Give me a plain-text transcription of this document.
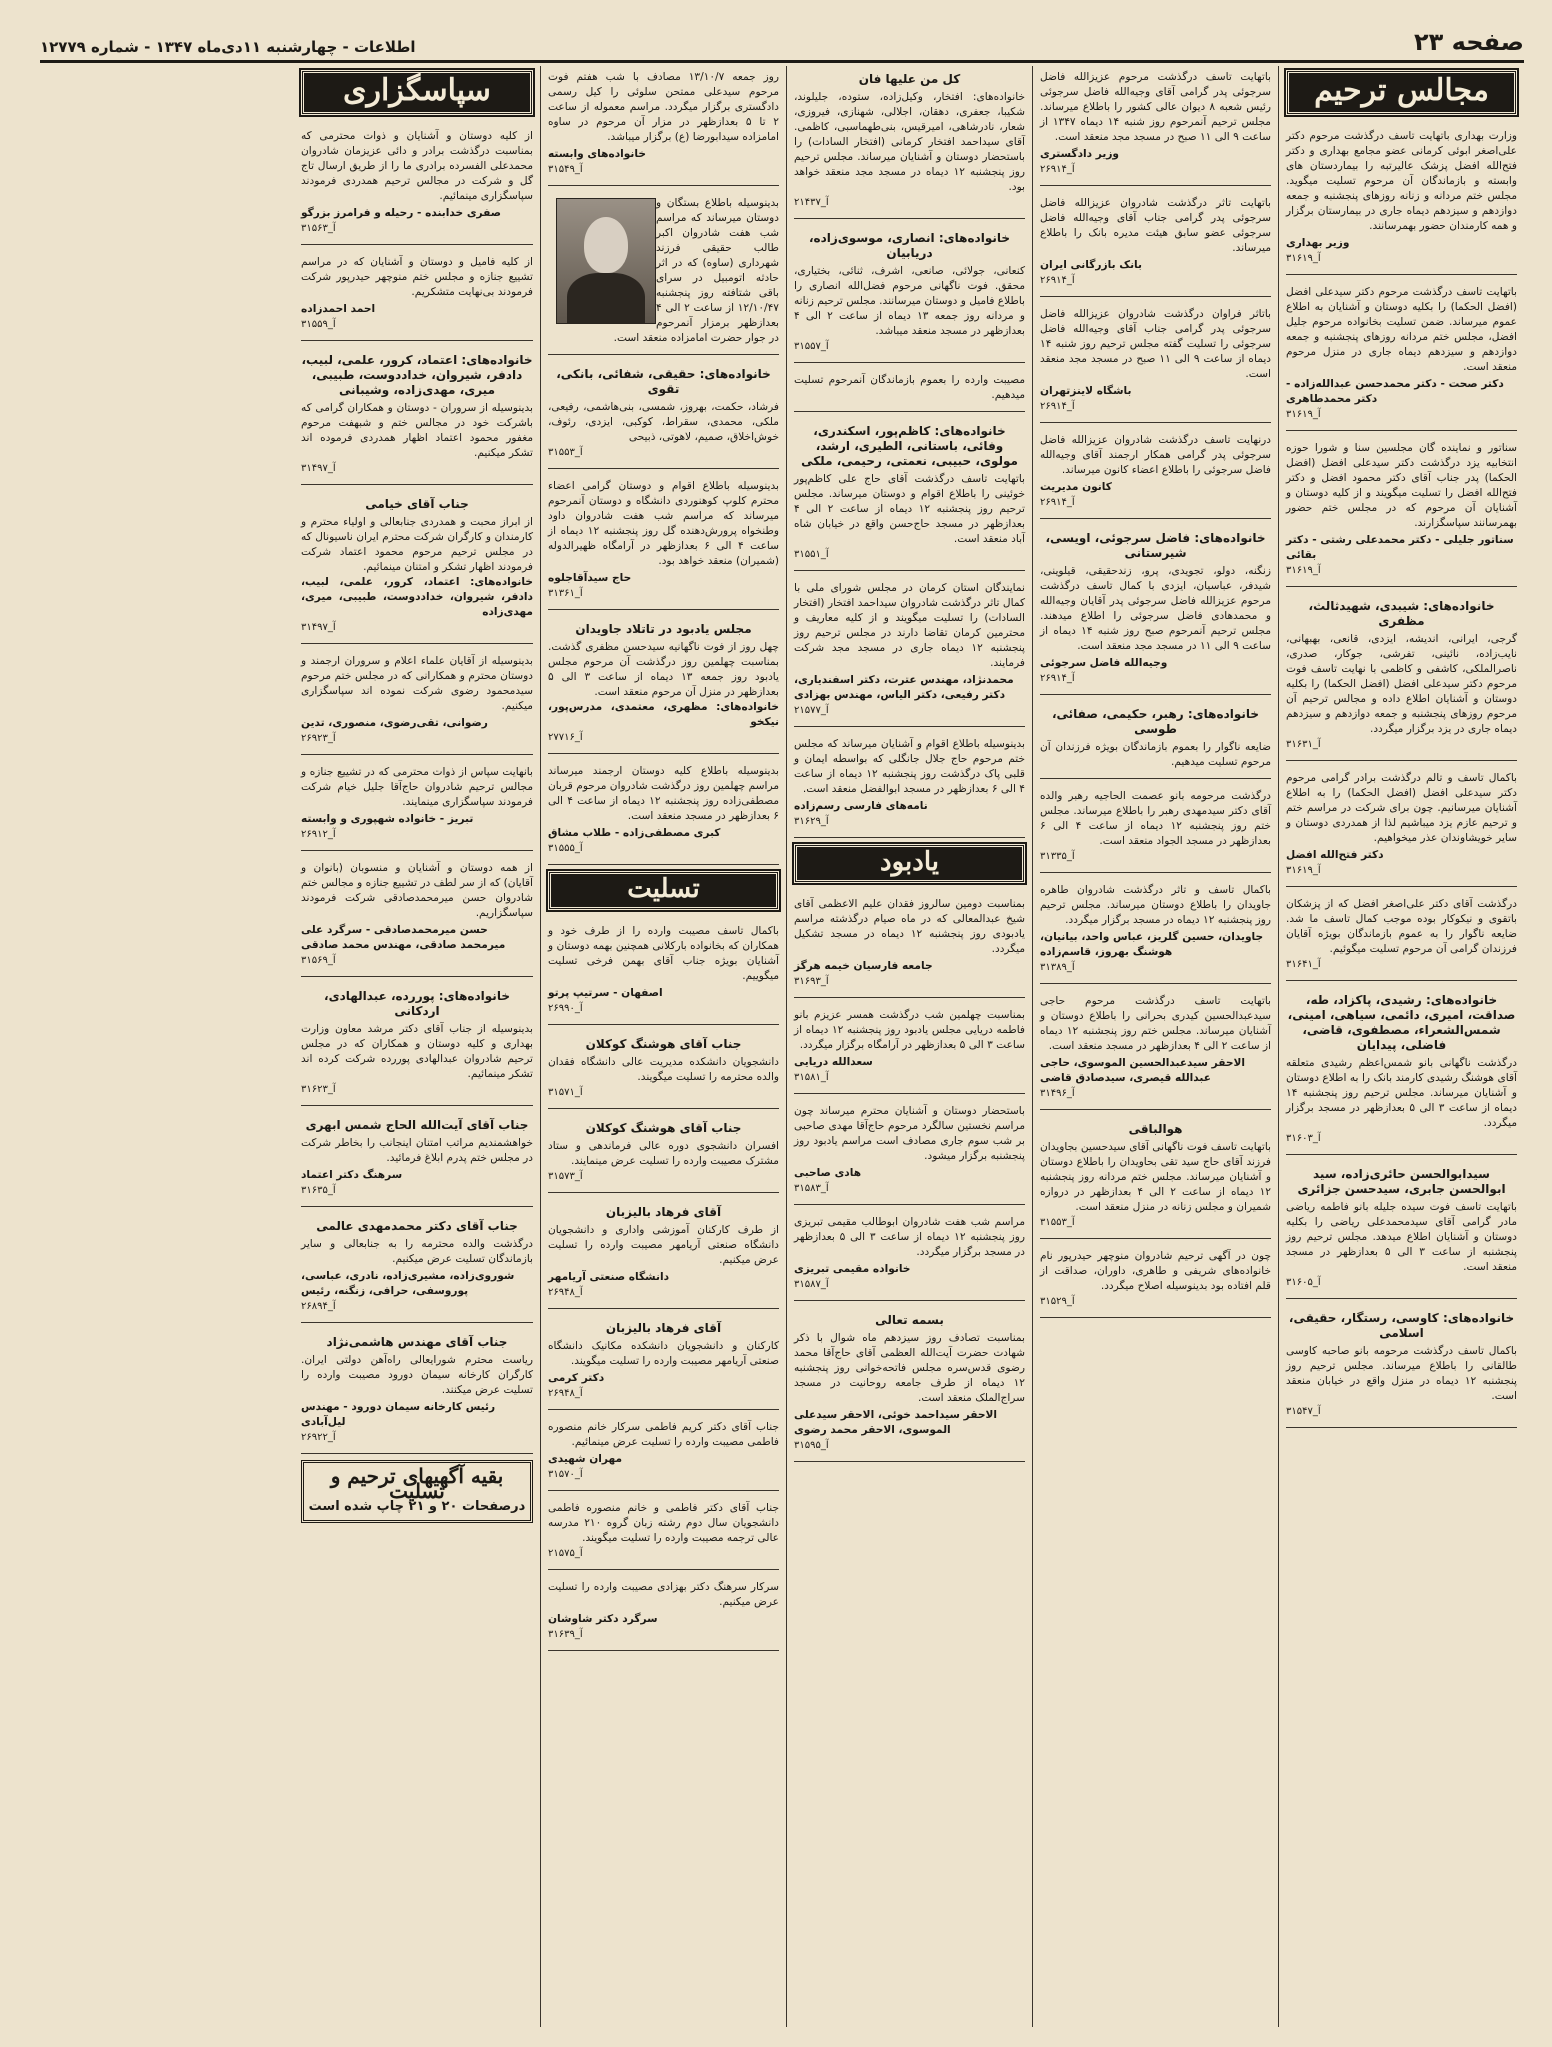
صفحه ۲۳
اطلاعات - چهارشنبه ۱۱دی‌ماه ۱۳۴۷ - شماره ۱۲۷۷۹
مجالس ترحیم
وزارت بهداری باتهایت تاسف درگذشت مرحوم دکتر علی‌اصغر ابوئی کرمانی عضو مجامع بهداری و دکتر فتح‌الله افضل پزشک عالیرتبه را بیماردستان های وابسته و بازماندگان آن مرحوم تسلیت میگوید. مجلس ختم مردانه و زنانه روزهای پنجشنبه و جمعه دوازدهم و سیزدهم دیماه جاری در بیمارستان برگزار و همه کارمندان حضور بهمرسانند.
وزیر بهداری
آ_۳۱۶۱۹
باتهایت تاسف درگذشت مرحوم دکتر سیدعلی افضل (افضل الحکما) را بکلیه دوستان و آشنایان به اطلاع عموم میرساند. ضمن تسلیت بخانواده مرحوم جلیل افضل، مجلس ختم مردانه روزهای پنجشنبه و جمعه دوازدهم و سیزدهم دیماه جاری در منزل مرحوم منعقد است.
دکتر صحت - دکتر محمدحسن عبدالله‌زاده - دکتر محمدطاهری
آ_۳۱۶۱۹
سناتور و نماینده گان مجلسین سنا و شورا حوزه انتخابیه یزد درگذشت دکتر سیدعلی افضل (افضل الحکما) پدر جناب آقای دکتر محمود افضل و دکتر فتح‌الله افضل را تسلیت میگویند و از کلیه دوستان و آشنایان آن مرحوم که در مجلس ختم حضور بهمرسانند سپاسگزارند.
سناتور جلیلی - دکتر محمدعلی رشتی - دکتر بقائی
آ_۳۱۶۱۹
خانواده‌های: شیبدی، شهیدثالث، مظفری
گرجی، ایرانی، اندیشه، ایزدی، قانعی، بهبهانی، نایب‌زاده، نائینی، تفرشی، جوکار، صدری، ناصرالملکی، کاشفی و کاظمی با نهایت تاسف فوت مرحوم دکتر سیدعلی افضل (افضل الحکما) را بکلیه دوستان و آشنایان اطلاع داده و مجالس ترحیم آن مرحوم روزهای پنجشنبه و جمعه دوازدهم و سیزدهم دیماه جاری در یزد برگزار میگردد.
آ_۳۱۶۳۱
باکمال تاسف و تالم درگذشت برادر گرامی مرحوم دکتر سیدعلی افضل (افضل الحکما) را به اطلاع آشنایان میرسانیم. چون برای شرکت در مراسم ختم و ترحیم عازم یزد میباشیم لذا از همدردی دوستان و سایر خویشاوندان عذر میخواهیم.
دکتر فتح‌الله افضل
آ_۳۱۶۱۹
درگذشت آقای دکتر علی‌اصغر افضل که از پزشکان باتقوی و نیکوکار بوده موجب کمال تاسف ما شد. ضایعه ناگوار را به عموم بازماندگان بویژه آقایان فرزندان گرامی آن مرحوم تسلیت میگوئیم.
آ_۳۱۶۴۱
خانواده‌های: رشیدی، پاکزاد، طه، صداقت، امیری، دائمی، سیاهی، امینی، شمس‌الشعراء، مصطفوی، قاضی، فاضلی، پیدایان
درگذشت ناگهانی بانو شمس‌اعظم رشیدی متعلقه آقای هوشنگ رشیدی کارمند بانک را به اطلاع دوستان و آشنایان میرساند. مجلس ترحیم روز پنجشنبه ۱۴ دیماه از ساعت ۳ الی ۵ بعدازظهر در مسجد برگزار میگردد.
آ_۳۱۶۰۳
سیدابوالحسن حائری‌زاده، سید ابوالحسن جابری، سیدحسن جزائری
باتهایت تاسف فوت سیده جلیله بانو فاطمه ریاضی مادر گرامی آقای سیدمحمدعلی ریاضی را بکلیه دوستان و آشنایان اطلاع میدهد. مجلس ترحیم روز پنجشنبه از ساعت ۳ الی ۵ بعدازظهر در مسجد منعقد است.
آ_۳۱۶۰۵
خانواده‌های: کاوسی، رستگار، حقیقی، اسلامی
باکمال تاسف درگذشت مرحومه بانو صاحبه کاوسی طالقانی را باطلاع میرساند. مجلس ترحیم روز پنجشنبه ۱۲ دیماه در منزل واقع در خیابان منعقد است.
آ_۳۱۵۴۷
باتهایت تاسف درگذشت مرحوم عزیزالله فاضل سرجوئی پدر گرامی آقای وجیه‌الله فاضل سرجوئی رئیس شعبه ۸ دیوان عالی کشور را باطلاع میرساند. مجلس ترحیم آنمرحوم روز شنبه ۱۴ دیماه ۱۳۴۷ از ساعت ۹ الی ۱۱ صبح در مسجد مجد منعقد است.
وزیر دادگستری
آ_۲۶۹۱۴
باتهایت تاثر درگذشت شادروان عزیزالله فاضل سرجوئی پدر گرامی جناب آقای وجیه‌الله فاضل سرجوئی عضو سابق هیئت مدیره بانک را باطلاع میرساند.
بانک بازرگانی ایران
آ_۲۶۹۱۴
باتاثر فراوان درگذشت شادروان عزیزالله فاضل سرجوئی پدر گرامی جناب آقای وجیه‌الله فاضل سرجوئی را تسلیت گفته مجلس ترحیم روز شنبه ۱۴ دیماه از ساعت ۹ الی ۱۱ صبح در مسجد مجد منعقد است.
باشگاه لاینزتهران
آ_۲۶۹۱۴
درنهایت تاسف درگذشت شادروان عزیزالله فاضل سرجوئی پدر گرامی همکار ارجمند آقای وجیه‌الله فاضل سرجوئی را باطلاع اعضاء کانون میرساند.
کانون مدیریت
آ_۲۶۹۱۴
خانواده‌های: فاضل سرجوئی، اویسی، شیرستانی
زنگنه، دولو، تجویدی، پرو، زندحقیقی، قیلوینی، شیدفر، عباسیان، ایزدی با کمال تاسف درگذشت مرحوم عزیزالله فاضل سرجوئی پدر آقایان وجیه‌الله و محمدهادی فاضل سرجوئی را اطلاع میدهند. مجلس ترحیم آنمرحوم صبح روز شنبه ۱۴ دیماه از ساعت ۹ الی ۱۱ در مسجد مجد منعقد است.
وجیه‌الله فاضل سرجوئی
آ_۲۶۹۱۴
خانواده‌های: رهبر، حکیمی، صفائی، طوسی
ضایعه ناگوار را بعموم بازماندگان بویژه فرزندان آن مرحوم تسلیت میدهیم.
درگذشت مرحومه بانو عصمت الحاجیه رهبر والده آقای دکتر سیدمهدی رهبر را باطلاع میرساند. مجلس ختم روز پنجشنبه ۱۲ دیماه از ساعت ۴ الی ۶ بعدازظهر در مسجد الجواد منعقد است.
آ_۳۱۳۳۵
باکمال تاسف و تاثر درگذشت شادروان طاهره جاویدان را باطلاع دوستان میرساند. مجلس ترحیم روز پنجشنبه ۱۲ دیماه در مسجد برگزار میگردد.
جاویدان، حسین گلریز، عباس واحد، بیانیان، هوشنگ بهروز، قاسم‌زاده
آ_۳۱۳۸۹
باتهایت تاسف درگذشت مرحوم حاجی سیدعبدالحسین کیدری بحرانی را باطلاع دوستان و آشنایان میرساند. مجلس ختم روز پنجشنبه ۱۲ دیماه از ساعت ۲ الی ۴ بعدازظهر در مسجد منعقد است.
الاحقر سیدعبدالحسین الموسوی، حاجی عبدالله قیصری، سیدصادق قاضی
آ_۳۱۴۹۶
هوالباقی
باتهایت تاسف فوت ناگهانی آقای سیدحسین بجاویدان فرزند آقای حاج سید تقی بحاویدان را باطلاع دوستان و آشنایان میرساند. مجلس ختم مردانه روز پنجشنبه ۱۲ دیماه از ساعت ۲ الی ۴ بعدازظهر در دروازه شمیران و مجلس زنانه در منزل منعقد است.
آ_۳۱۵۵۳
چون در آگهی ترحیم شادروان منوچهر حیدرپور نام خانواده‌های شریفی و طاهری، داوران، صداقت از قلم افتاده بود بدینوسیله اصلاح میگردد.
آ_۳۱۵۲۹
کل من علیها فان
خانواده‌های: افتخار، وکیل‌زاده، ستوده، جلیلوند، شکیبا، جعفری، دهقان، اجلالی، شهنازی، فیروزی، شعار، نادرشاهی، امیرقیس، بنی‌طهماسبی، کاظمی. آقای سیداحمد افتخار کرمانی (افتخار السادات) را باستحضار دوستان و آشنایان میرساند. مجلس ترحیم روز پنجشنبه ۱۲ دیماه در مسجد مجد منعقد خواهد بود.
آ_۲۱۴۳۷
خانواده‌های: انصاری، موسوی‌زاده، دریابیان
کنعانی، جولائی، صانعی، اشرف، ثنائی، بختیاری، محقق. فوت ناگهانی مرحوم فضل‌الله انصاری را باطلاع فامیل و دوستان میرسانند. مجلس ترحیم زنانه و مردانه روز جمعه ۱۳ دیماه از ساعت ۲ الی ۴ بعدازظهر در مسجد منعقد میباشد.
آ_۳۱۵۵۷
مصیبت وارده را بعموم بازماندگان آنمرحوم تسلیت میدهیم.
خانواده‌های: کاظم‌پور، اسکندری، وفائی، باستانی، الطیری، ارشد، مولوی، حبیبی، نعمتی، رحیمی، ملکی
باتهایت تاسف درگذشت آقای حاج علی کاظم‌پور خوئینی را باطلاع اقوام و دوستان میرساند. مجلس ترحیم روز پنجشنبه ۱۲ دیماه از ساعت ۲ الی ۴ بعدازظهر در مسجد حاج‌حسن واقع در خیابان شاه آباد منعقد است.
آ_۳۱۵۵۱
نمایندگان استان کرمان در مجلس شورای ملی با کمال تاثر درگذشت شادروان سیداحمد افتخار (افتخار السادات) را تسلیت میگویند و از کلیه معاریف و محترمین کرمان تقاضا دارند در مجلس ترحیم روز پنجشنبه ۱۲ دیماه جاری در مسجد مجد شرکت فرمایند.
محمدنژاد، مهندس عترت، دکتر اسفندیاری، دکتر رفیعی، دکتر الیاس، مهندس بهزادی
آ_۲۱۵۷۷
بدینوسیله باطلاع اقوام و آشنایان میرساند که مجلس ختم مرحوم حاج جلال جانگلی که بواسطه ایمان و قلبی پاک درگذشت روز پنجشنبه ۱۲ دیماه از ساعت ۴ الی ۶ بعدازظهر در مسجد ابوالفضل منعقد است.
نامه‌های فارسی رسم‌زاده
آ_۳۱۶۲۹
یادبود
بمناسبت دومین سالروز فقدان علیم الاعظمی آقای شیخ عبدالمعالی که در ماه صیام درگذشته مراسم یادبودی روز پنجشنبه ۱۲ دیماه در مسجد تشکیل میگردد.
جامعه فارسیان خیمه هرگز
آ_۳۱۶۹۳
بمناسبت چهلمین شب درگذشت همسر عزیزم بانو فاطمه دریایی مجلس یادبود روز پنجشنبه ۱۲ دیماه از ساعت ۳ الی ۵ بعدازظهر در آرامگاه برگزار میگردد.
سعدالله دریایی
آ_۳۱۵۸۱
باستحضار دوستان و آشنایان محترم میرساند چون مراسم نخستین سالگرد مرحوم حاج‌آقا مهدی صاحبی بر شب سوم جاری مصادف است مراسم یادبود روز پنجشنبه برگزار میشود.
هادی صاحبی
آ_۳۱۵۸۳
مراسم شب هفت شادروان ابوطالب مقیمی تبریزی روز پنجشنبه ۱۲ دیماه از ساعت ۳ الی ۵ بعدازظهر در مسجد برگزار میگردد.
خانواده مقیمی تبریزی
آ_۳۱۵۸۷
بسمه تعالی
بمناسبت تصادف روز سیزدهم ماه شوال با ذکر شهادت حضرت آیت‌الله العظمی آقای حاج‌آقا محمد رضوی قدس‌سره مجلس فاتحه‌خوانی روز پنجشنبه ۱۲ دیماه از طرف جامعه روحانیت در مسجد سراج‌الملک منعقد است.
الاحقر سیداحمد خوئی، الاحقر سیدعلی الموسوی، الاحقر محمد رضوی
آ_۳۱۵۹۵
روز جمعه ۱۳/۱۰/۷ مصادف با شب هفتم فوت مرحوم سیدعلی ممتحن سلوئی را کیل رسمی دادگستری برگزار میگردد. مراسم معموله از ساعت ۲ تا ۵ بعدازظهر در مزار آن مرحوم در ساوه امامزاده سیدابورضا (ع) برگزار میباشد.
خانواده‌های وابسته
آ_۳۱۵۴۹
بدینوسیله باطلاع بستگان و دوستان میرساند که مراسم شب هفت شادروان اکبر طالب حقیقی فرزند شهرداری (ساوه) که در اثر حادثه اتومبیل در سرای باقی شتافته روز پنجشنبه ۱۲/۱۰/۴۷ از ساعت ۲ الی ۴ بعدازظهر برمزار آنمرحوم در جوار حضرت امامزاده منعقد است.
خانواده‌های: حقیقی، شفائی، بانکی، تقوی
فرشاد، حکمت، بهروز، شمسی، بنی‌هاشمی، رفیعی، ملکی، محمدی، سقراط، کوکبی، ایزدی، رئوف، خوش‌اخلاق، صمیم، لاهوتی، ذبیحی
آ_۳۱۵۵۳
بدینوسیله باطلاع اقوام و دوستان گرامی اعضاء محترم کلوپ کوهنوردی دانشگاه و دوستان آنمرحوم میرساند که مراسم شب هفت شادروان داود وطنخواه پرورش‌دهنده گل روز پنجشنبه ۱۲ دیماه از ساعت ۴ الی ۶ بعدازظهر در آرامگاه ظهیرالدوله (شمیران) منعقد خواهد بود.
حاج سیدآقاجلوه
آ_۳۱۳۶۱
مجلس یادبود در تاتلاد جاویدان
چهل روز از فوت ناگهانیه سیدحسن مظفری گذشت. بمناسبت چهلمین روز درگذشت آن مرحوم مجلس یادبود روز جمعه ۱۳ دیماه از ساعت ۳ الی ۵ بعدازظهر در منزل آن مرحوم منعقد است.
خانواده‌های: مظهری، معتمدی، مدرس‌پور، نیکخو
آ_۲۷۷۱۶
بدینوسیله باطلاع کلیه دوستان ارجمند میرساند مراسم چهلمین روز درگذشت شادروان مرحوم قربان مصطفی‌زاده روز پنجشنبه ۱۲ دیماه از ساعت ۴ الی ۶ بعدازظهر در مسجد منعقد است.
کبری مصطفی‌زاده - طلاب مشاق
آ_۳۱۵۵۵
تسلیت
باکمال تاسف مصیبت وارده را از طرف خود و همکاران که بخانواده بارکلانی همچنین بهمه دوستان و آشنایان بویژه جناب آقای بهمن فرخی تسلیت میگوییم.
اصفهان - سرتیپ پرتو
آ_۲۶۹۹۰
جناب آقای هوشنگ کوکلان
دانشجویان دانشکده مدیریت عالی دانشگاه فقدان والده محترمه را تسلیت میگویند.
آ_۳۱۵۷۱
جناب آقای هوشنگ کوکلان
افسران دانشجوی دوره عالی فرماندهی و ستاد مشترک مصیبت وارده را تسلیت عرض مینمایند.
آ_۳۱۵۷۳
آقای فرهاد بالیزبان
از طرف کارکنان آموزشی واداری و دانشجویان دانشگاه صنعتی آریامهر مصیبت وارده را تسلیت عرض میکنیم.
دانشگاه صنعتی آریامهر
آ_۲۶۹۴۸
آقای فرهاد بالیزبان
کارکنان و دانشجویان دانشکده مکانیک دانشگاه صنعتی آریامهر مصیبت وارده را تسلیت میگویند.
دکتر کرمی
آ_۲۶۹۴۸
جناب آقای دکتر کریم فاطمی سرکار خانم منصوره فاطمی مصیبت وارده را تسلیت عرض مینمائیم.
مهران شهیدی
آ_۳۱۵۷۰
جناب آقای دکتر فاطمی و خانم منصوره فاطمی دانشجویان سال دوم رشته زبان گروه ۲۱۰ مدرسه عالی ترجمه مصیبت وارده را تسلیت میگویند.
آ_۲۱۵۷۵
سرکار سرهنگ دکتر بهزادی مصیبت وارده را تسلیت عرض میکنیم.
سرگرد دکتر شاوشان
آ_۳۱۶۳۹
سپاسگزاری
از کلیه دوستان و آشنایان و ذوات محترمی که بمناسبت درگذشت برادر و دائی عزیزمان شادروان محمدعلی الفسرده برادری ما را از طریق ارسال تاج گل و شرکت در مجالس ترحیم همدردی فرمودند سپاسگزاری مینمائیم.
صفری خدابنده - رحیله و فرامرز بزرگو
آ_۳۱۵۶۳
از کلیه فامیل و دوستان و آشنایان که در مراسم تشییع جنازه و مجلس ختم منوچهر حیدرپور شرکت فرمودند بی‌نهایت متشکریم.
احمد احمدزاده
آ_۳۱۵۵۹
خانواده‌های: اعتماد، کرور، علمی، لبیب، دادفر، شیروان، خداددوست، طبیبی، میری، مهدی‌زاده، وشیبانی
بدینوسیله از سروران - دوستان و همکاران گرامی که باشرکت خود در مجالس ختم و شبهفت مرحوم مغفور محمود اعتماد اظهار همدردی فرموده اند تشکر میکنیم.
آ_۳۱۴۹۷
جناب آقای خیامی
از ابراز محبت و همدردی جنابعالی و اولیاء محترم و کارمندان و کارگران شرکت محترم ایران ناسیونال که در مجلس ترحیم مرحوم محمود اعتماد شرکت فرمودند اظهار تشکر و امتنان مینمائیم.
خانواده‌های: اعتماد، کرور، علمی، لبیب، دادفر، شیروان، خداددوست، طبیبی، میری، مهدی‌زاده
آ_۳۱۴۹۷
بدینوسیله از آقایان علماء اعلام و سروران ارجمند و دوستان محترم و همکارانی که در مجلس ختم مرحوم سیدمحمود رضوی شرکت نموده اند سپاسگزاری میکنیم.
رضوانی، تقی‌رضوی، منصوری، تدین
آ_۲۶۹۲۳
بانهایت سپاس از ذوات محترمی که در تشییع جنازه و مجالس ترحیم شادروان حاج‌آقا جلیل خیام شرکت فرمودند سپاسگزاری مینمایند.
تبریز - خانواده شهپوری و وابسته
آ_۲۶۹۱۲
از همه دوستان و آشنایان و منسوبان (بانوان و آقایان) که از سر لطف در تشییع جنازه و مجالس ختم شادروان حسن میرمحمدصادقی شرکت فرمودند سپاسگزاریم.
حسن میرمحمدصادقی - سرگرد علی میرمحمد صادقی، مهندس محمد صادقی
آ_۳۱۵۶۹
خانواده‌های: پوررده، عبدالهادی، اردکانی
بدینوسیله از جناب آقای دکتر مرشد معاون وزارت بهداری و کلیه دوستان و همکاران که در مجلس ترحیم شادروان عبدالهادی پوررده شرکت کرده اند تشکر مینمائیم.
آ_۳۱۶۲۳
جناب آقای آیت‌الله الحاج شمس ابهری
خواهشمندیم مراتب امتنان اینجانب را بخاطر شرکت در مجلس ختم پدرم ابلاغ فرمائید.
سرهنگ دکتر اعتماد
آ_۳۱۶۳۵
جناب آقای دکتر محمدمهدی عالمی
درگذشت والده محترمه را به جنابعالی و سایر بازماندگان تسلیت عرض میکنیم.
شوروی‌زاده، مشیری‌زاده، نادری، عباسی، پوروسفی، حرافی، زنگنه، رئیس
آ_۲۶۸۹۴
جناب آقای مهندس هاشمی‌نژاد
ریاست محترم شورایعالی راه‌آهن دولتی ایران. کارگران کارخانه سیمان دورود مصیبت وارده را تسلیت عرض میکنند.
رئیس کارخانه سیمان دورود - مهندس لیل‌آبادی
آ_۲۶۹۲۲
بقیه آگهیهای ترحیم و تسلیت
درصفحات ۲۰ و ۲۱ چاپ شده است
